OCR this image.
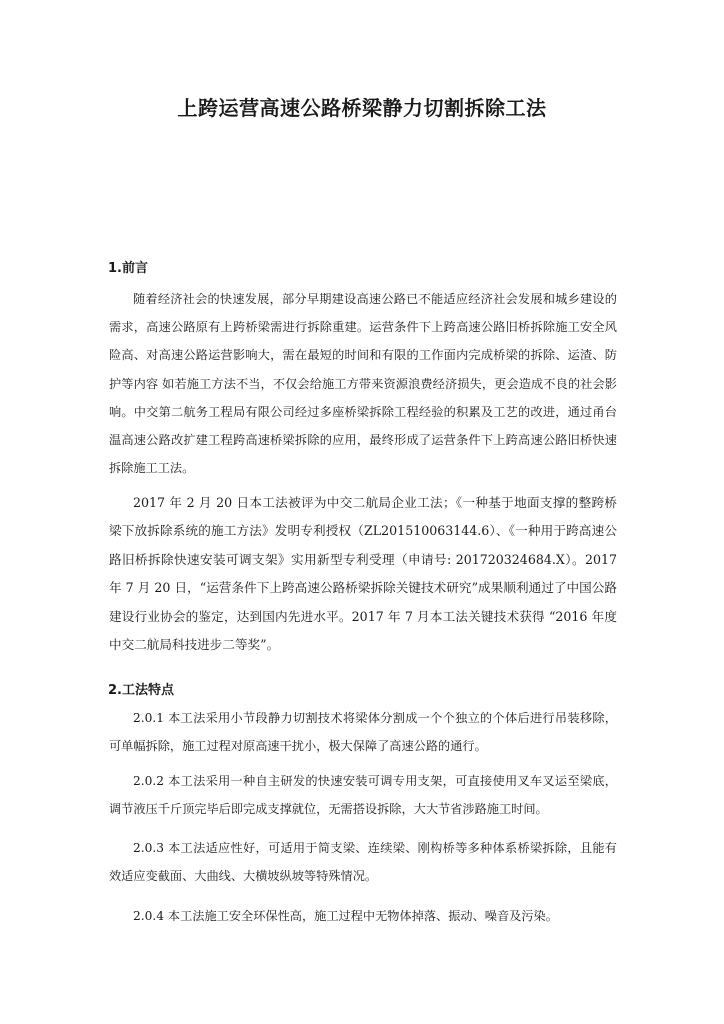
上跨运营高速公路桥梁静力切割拆除工法
1.前言

随着经济社会的快速发展，部分早期建设高速公路已不能适应经济社会发展和城乡建设的需求，高速公路原有上跨桥梁需进行拆除重建。运营条件下上跨高速公路旧桥拆除施工安全风险高、对高速公路运营影响大，需在最短的时间和有限的工作面内完成桥梁的拆除、运渣、防护等内容 如若施工方法不当，不仅会给施工方带来资源浪费经济损失，更会造成不良的社会影响。中交第二航务工程局有限公司经过多座桥梁拆除工程经验的积累及工艺的改进，通过甬台温高速公路改扩建工程跨高速桥梁拆除的应用，最终形成了运营条件下上跨高速公路旧桥快速拆除施工工法。

2017 年 2 月 20 日本工法被评为中交二航局企业工法；《一种基于地面支撑的整跨桥梁下放拆除系统的施工方法》发明专利授权（ZL201510063144.6）、《一种用于跨高速公路旧桥拆除快速安装可调支架》实用新型专利受理（申请号: 201720324684.X）。2017 年 7 月 20 日，“运营条件下上跨高速公路桥梁拆除关键技术研究”成果顺利通过了中国公路建设行业协会的鉴定，达到国内先进水平。2017 年 7 月本工法关键技术获得 “2016 年度中交二航局科技进步二等奖”。

2.工法特点

2.0.1 本工法采用小节段静力切割技术将梁体分割成一个个独立的个体后进行吊装移除，可单幅拆除，施工过程对原高速干扰小，极大保障了高速公路的通行。

2.0.2 本工法采用一种自主研发的快速安装可调专用支架，可直接使用叉车叉运至梁底，调节液压千斤顶完毕后即完成支撑就位，无需搭设拆除，大大节省涉路施工时间。

2.0.3 本工法适应性好，可适用于简支梁、连续梁、刚构桥等多种体系桥梁拆除，且能有效适应变截面、大曲线、大横坡纵坡等特殊情况。

2.0.4 本工法施工安全环保性高，施工过程中无物体掉落、振动、噪音及污染。
